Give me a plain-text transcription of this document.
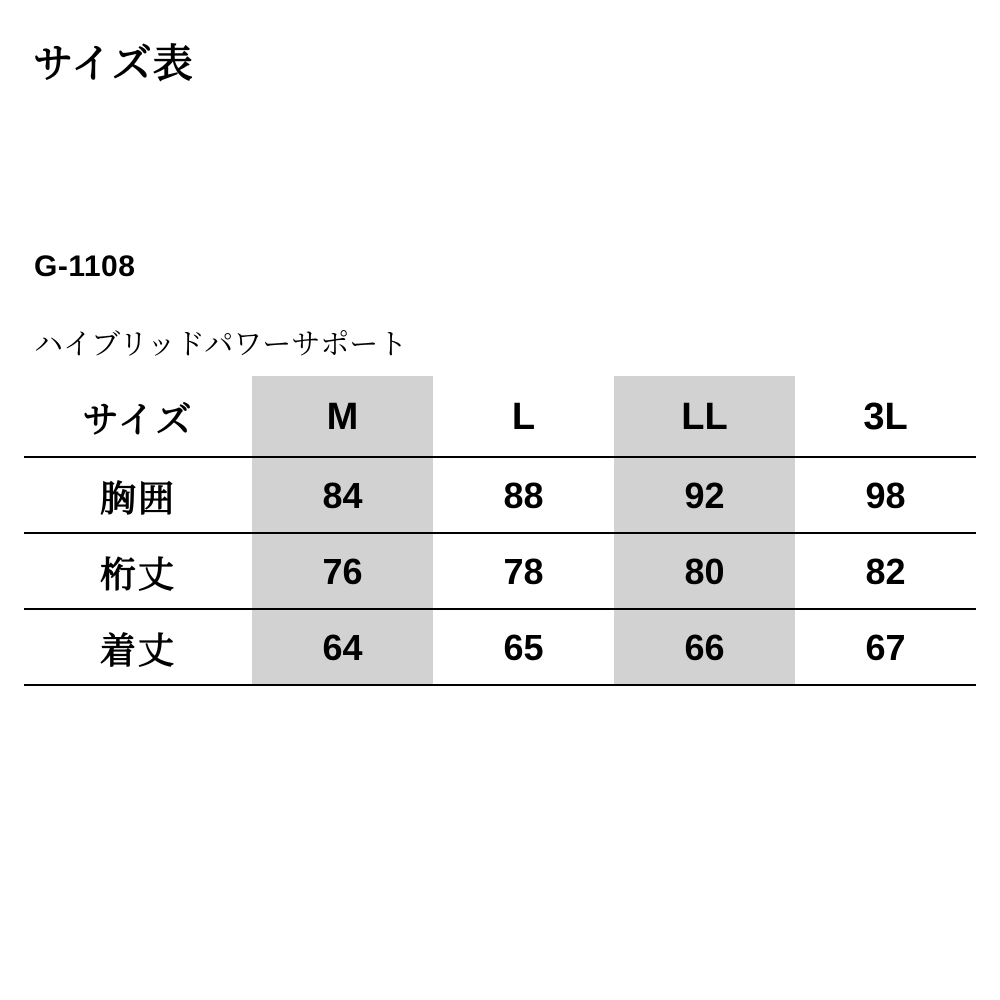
サイズ表
G-1108
ハイブリッドパワーサポート
サイズ	M	L	LL	3L
胸囲	84	88	92	98
桁丈	76	78	80	82
着丈	64	65	66	67
